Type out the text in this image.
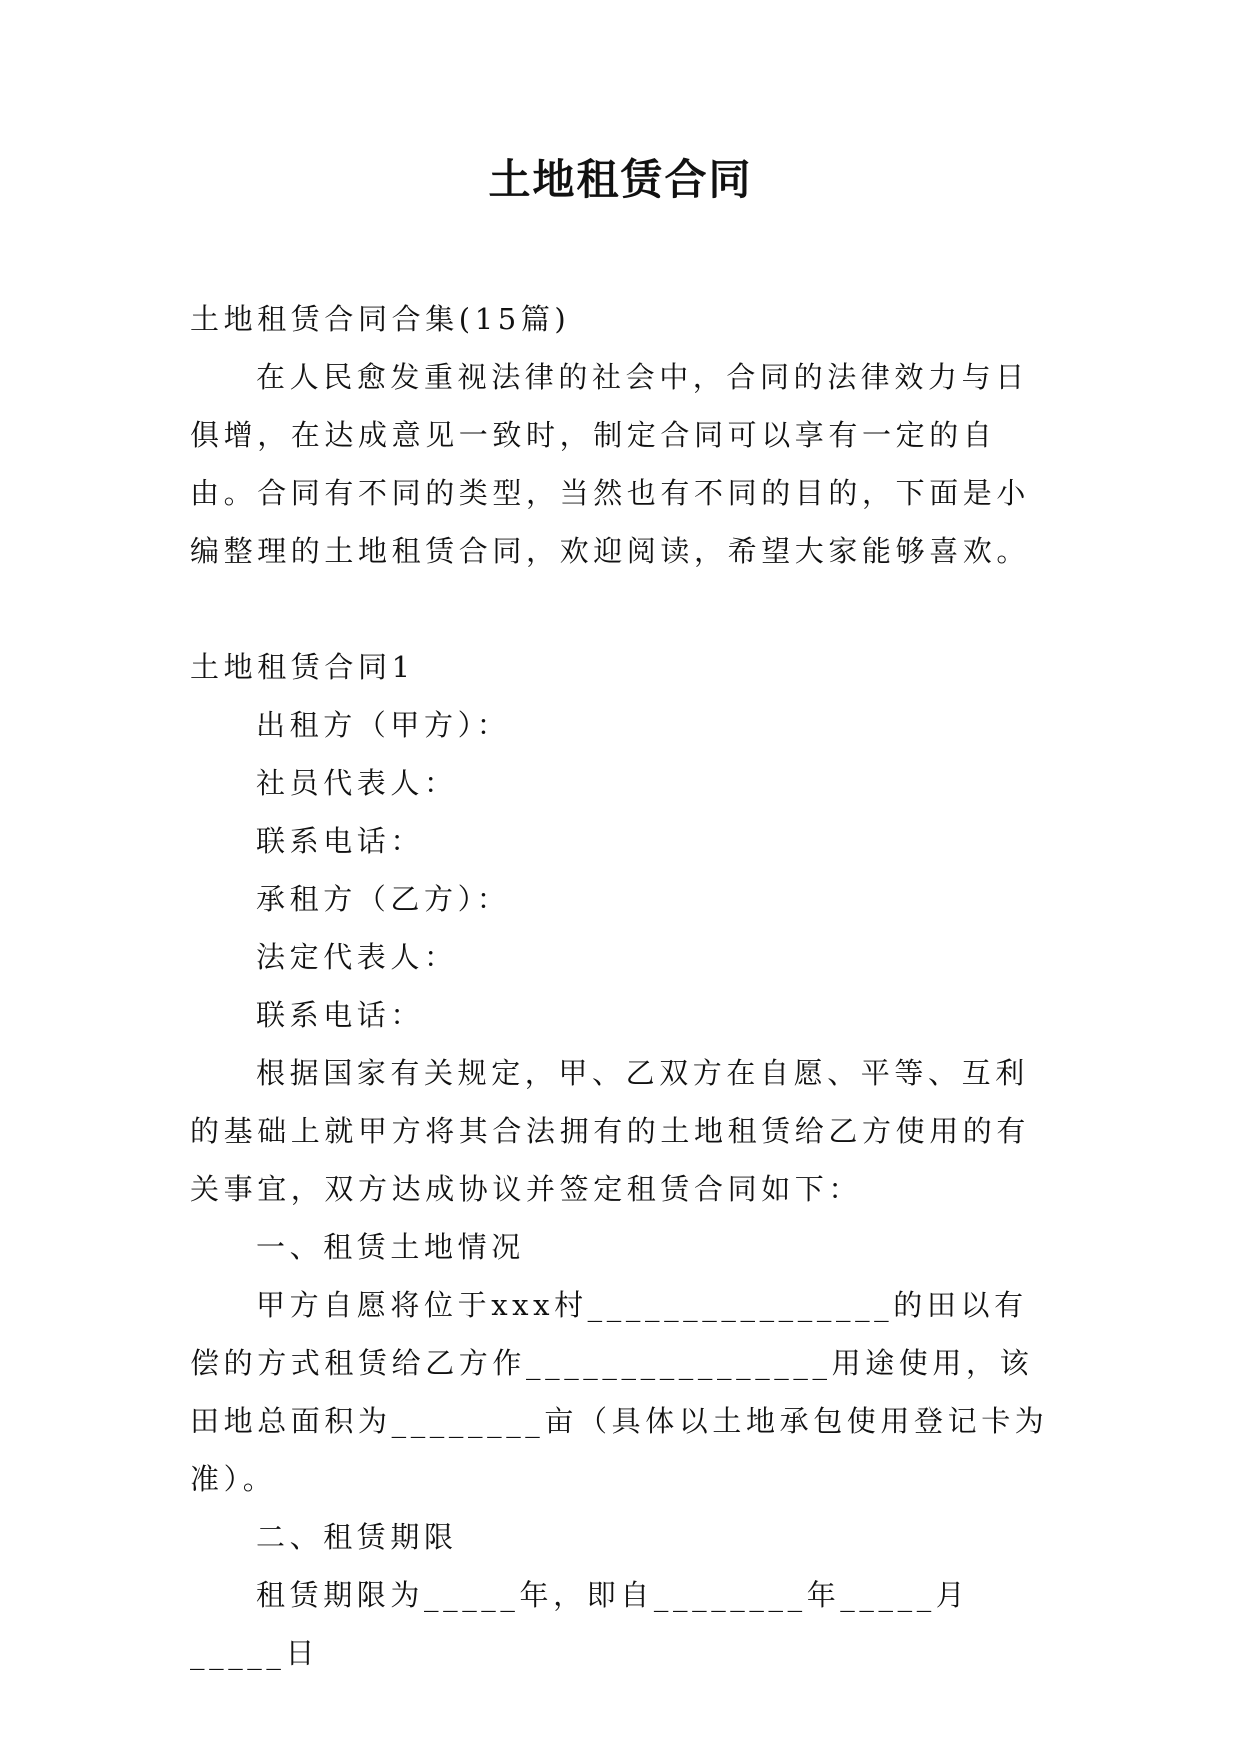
土地租赁合同

土地租赁合同合集(15篇)

在人民愈发重视法律的社会中，合同的法律效力与日俱增，在达成意见一致时，制定合同可以享有一定的自由。合同有不同的类型，当然也有不同的目的，下面是小编整理的土地租赁合同，欢迎阅读，希望大家能够喜欢。

土地租赁合同1

出租方（甲方）：

社员代表人：

联系电话：

承租方（乙方）：

法定代表人：

联系电话：

根据国家有关规定，甲、乙双方在自愿、平等、互利的基础上就甲方将其合法拥有的土地租赁给乙方使用的有关事宜，双方达成协议并签定租赁合同如下：

一、租赁土地情况

甲方自愿将位于xxx村________________的田以有偿的方式租赁给乙方作________________用途使用，该田地总面积为________亩（具体以土地承包使用登记卡为准）。

二、租赁期限

租赁期限为_____年，即自________年_____月_____日
